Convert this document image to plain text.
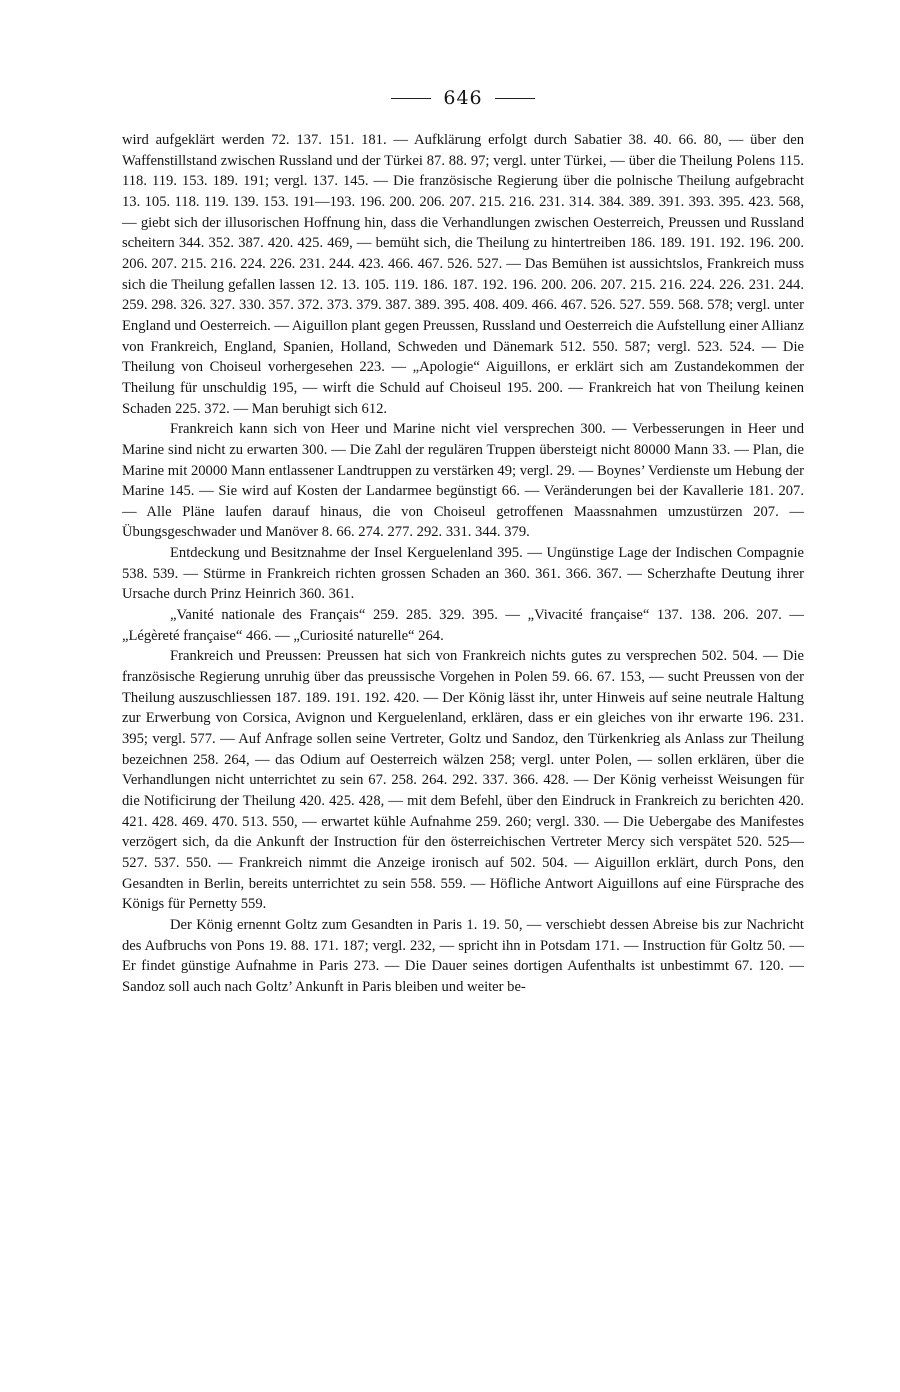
646

wird aufgeklärt werden 72. 137. 151. 181. — Aufklärung erfolgt durch Sabatier 38. 40. 66. 80, — über den Waffenstillstand zwischen Russland und der Türkei 87. 88. 97; vergl. unter Türkei, — über die Theilung Polens 115. 118. 119. 153. 189. 191; vergl. 137. 145. — Die französische Regierung über die polnische Theilung aufgebracht 13. 105. 118. 119. 139. 153. 191—193. 196. 200. 206. 207. 215. 216. 231. 314. 384. 389. 391. 393. 395. 423. 568, — giebt sich der illusorischen Hoffnung hin, dass die Verhandlungen zwischen Oesterreich, Preussen und Russland scheitern 344. 352. 387. 420. 425. 469, — bemüht sich, die Theilung zu hintertreiben 186. 189. 191. 192. 196. 200. 206. 207. 215. 216. 224. 226. 231. 244. 423. 466. 467. 526. 527. — Das Bemühen ist aussichtslos, Frankreich muss sich die Theilung gefallen lassen 12. 13. 105. 119. 186. 187. 192. 196. 200. 206. 207. 215. 216. 224. 226. 231. 244. 259. 298. 326. 327. 330. 357. 372. 373. 379. 387. 389. 395. 408. 409. 466. 467. 526. 527. 559. 568. 578; vergl. unter England und Oesterreich. — Aiguillon plant gegen Preussen, Russland und Oesterreich die Aufstellung einer Allianz von Frankreich, England, Spanien, Holland, Schweden und Dänemark 512. 550. 587; vergl. 523. 524. — Die Theilung von Choiseul vorhergesehen 223. — „Apologie“ Aiguillons, er erklärt sich am Zustandekommen der Theilung für unschuldig 195, — wirft die Schuld auf Choiseul 195. 200. — Frankreich hat von Theilung keinen Schaden 225. 372. — Man beruhigt sich 612.

Frankreich kann sich von Heer und Marine nicht viel versprechen 300. — Verbesserungen in Heer und Marine sind nicht zu erwarten 300. — Die Zahl der regulären Truppen übersteigt nicht 80000 Mann 33. — Plan, die Marine mit 20000 Mann entlassener Landtruppen zu verstärken 49; vergl. 29. — Boynes’ Verdienste um Hebung der Marine 145. — Sie wird auf Kosten der Landarmee begünstigt 66. — Veränderungen bei der Kavallerie 181. 207. — Alle Pläne laufen darauf hinaus, die von Choiseul getroffenen Maassnahmen umzustürzen 207. — Übungsgeschwader und Manöver 8. 66. 274. 277. 292. 331. 344. 379.

Entdeckung und Besitznahme der Insel Kerguelenland 395. — Ungünstige Lage der Indischen Compagnie 538. 539. — Stürme in Frankreich richten grossen Schaden an 360. 361. 366. 367. — Scherzhafte Deutung ihrer Ursache durch Prinz Heinrich 360. 361.

„Vanité nationale des Français“ 259. 285. 329. 395. — „Vivacité française“ 137. 138. 206. 207. — „Légèreté française“ 466. — „Curiosité naturelle“ 264.

Frankreich und Preussen: Preussen hat sich von Frankreich nichts gutes zu versprechen 502. 504. — Die französische Regierung unruhig über das preussische Vorgehen in Polen 59. 66. 67. 153, — sucht Preussen von der Theilung auszuschliessen 187. 189. 191. 192. 420. — Der König lässt ihr, unter Hinweis auf seine neutrale Haltung zur Erwerbung von Corsica, Avignon und Kerguelenland, erklären, dass er ein gleiches von ihr erwarte 196. 231. 395; vergl. 577. — Auf Anfrage sollen seine Vertreter, Goltz und Sandoz, den Türkenkrieg als Anlass zur Theilung bezeichnen 258. 264, — das Odium auf Oesterreich wälzen 258; vergl. unter Polen, — sollen erklären, über die Verhandlungen nicht unterrichtet zu sein 67. 258. 264. 292. 337. 366. 428. — Der König verheisst Weisungen für die Notificirung der Theilung 420. 425. 428, — mit dem Befehl, über den Eindruck in Frankreich zu berichten 420. 421. 428. 469. 470. 513. 550, — erwartet kühle Aufnahme 259. 260; vergl. 330. — Die Uebergabe des Manifestes verzögert sich, da die Ankunft der Instruction für den österreichischen Vertreter Mercy sich verspätet 520. 525—527. 537. 550. — Frankreich nimmt die Anzeige ironisch auf 502. 504. — Aiguillon erklärt, durch Pons, den Gesandten in Berlin, bereits unterrichtet zu sein 558. 559. — Höfliche Antwort Aiguillons auf eine Fürsprache des Königs für Pernetty 559.

Der König ernennt Goltz zum Gesandten in Paris 1. 19. 50, — verschiebt dessen Abreise bis zur Nachricht des Aufbruchs von Pons 19. 88. 171. 187; vergl. 232, — spricht ihn in Potsdam 171. — Instruction für Goltz 50. — Er findet günstige Aufnahme in Paris 273. — Die Dauer seines dortigen Aufenthalts ist unbestimmt 67. 120. — Sandoz soll auch nach Goltz’ Ankunft in Paris bleiben und weiter be-
